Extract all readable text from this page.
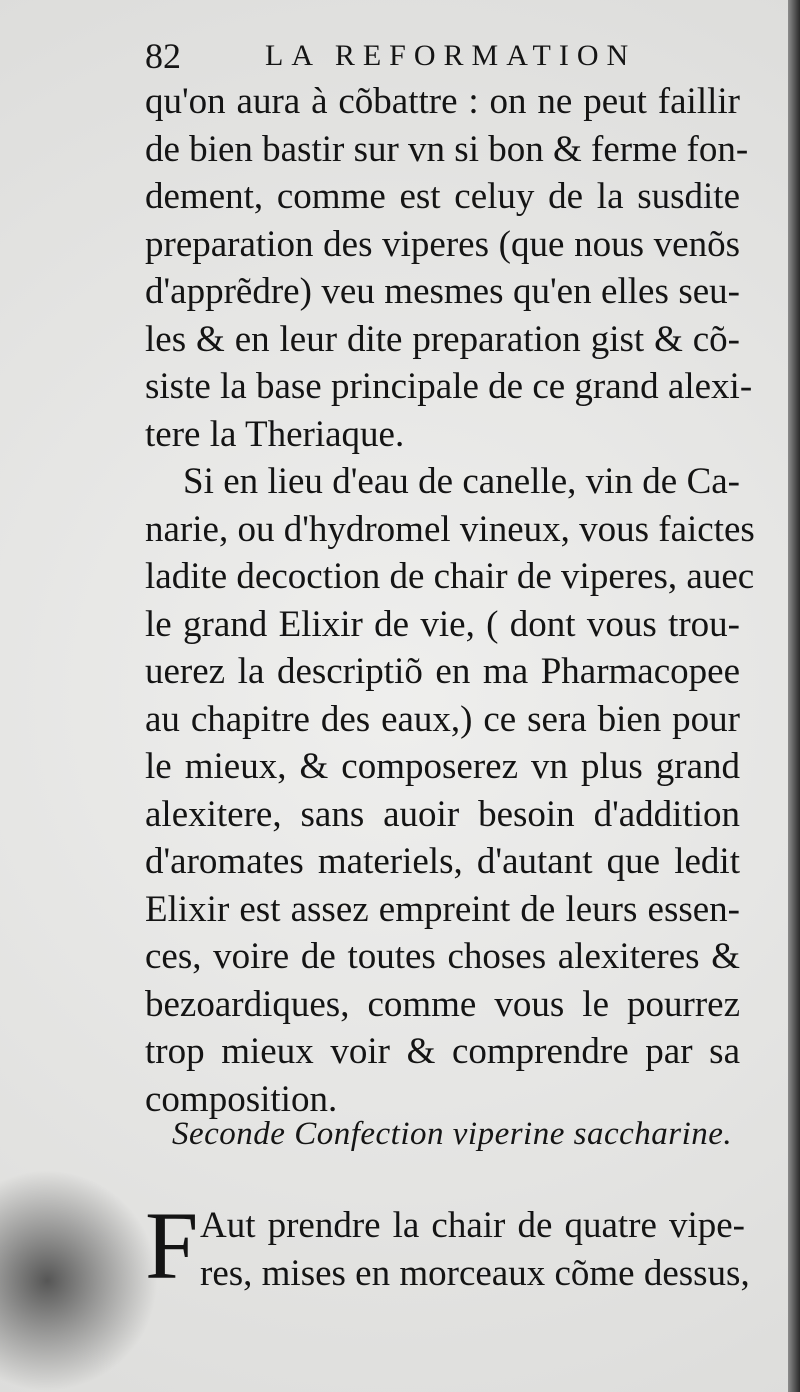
82	LA REFORMATION
qu'on aura à cõbattre : on ne peut faillir
de bien bastir sur vn si bon & ferme fon-
dement, comme est celuy de la susdite
preparation des viperes (que nous venõs
d'apprẽdre) veu mesmes qu'en elles seu-
les & en leur dite preparation gist & cõ-
siste la base principale de ce grand alexi-
tere la Theriaque.
Si en lieu d'eau de canelle, vin de Ca-
narie, ou d'hydromel vineux, vous faictes
ladite decoction de chair de viperes, auec
le grand Elixir de vie, ( dont vous trou-
uerez la descriptiõ en ma Pharmacopee
au chapitre des eaux,) ce sera bien pour
le mieux, & composerez vn plus grand
alexitere, sans auoir besoin d'addition
d'aromates materiels, d'autant que ledit
Elixir est assez empreint de leurs essen-
ces, voire de toutes choses alexiteres &
bezoardiques, comme vous le pourrez
trop mieux voir & comprendre par sa
composition.
Seconde Confection viperine saccharine.
F Aut prendre la chair de quatre vipe-
res, mises en morceaux cõme dessus,
